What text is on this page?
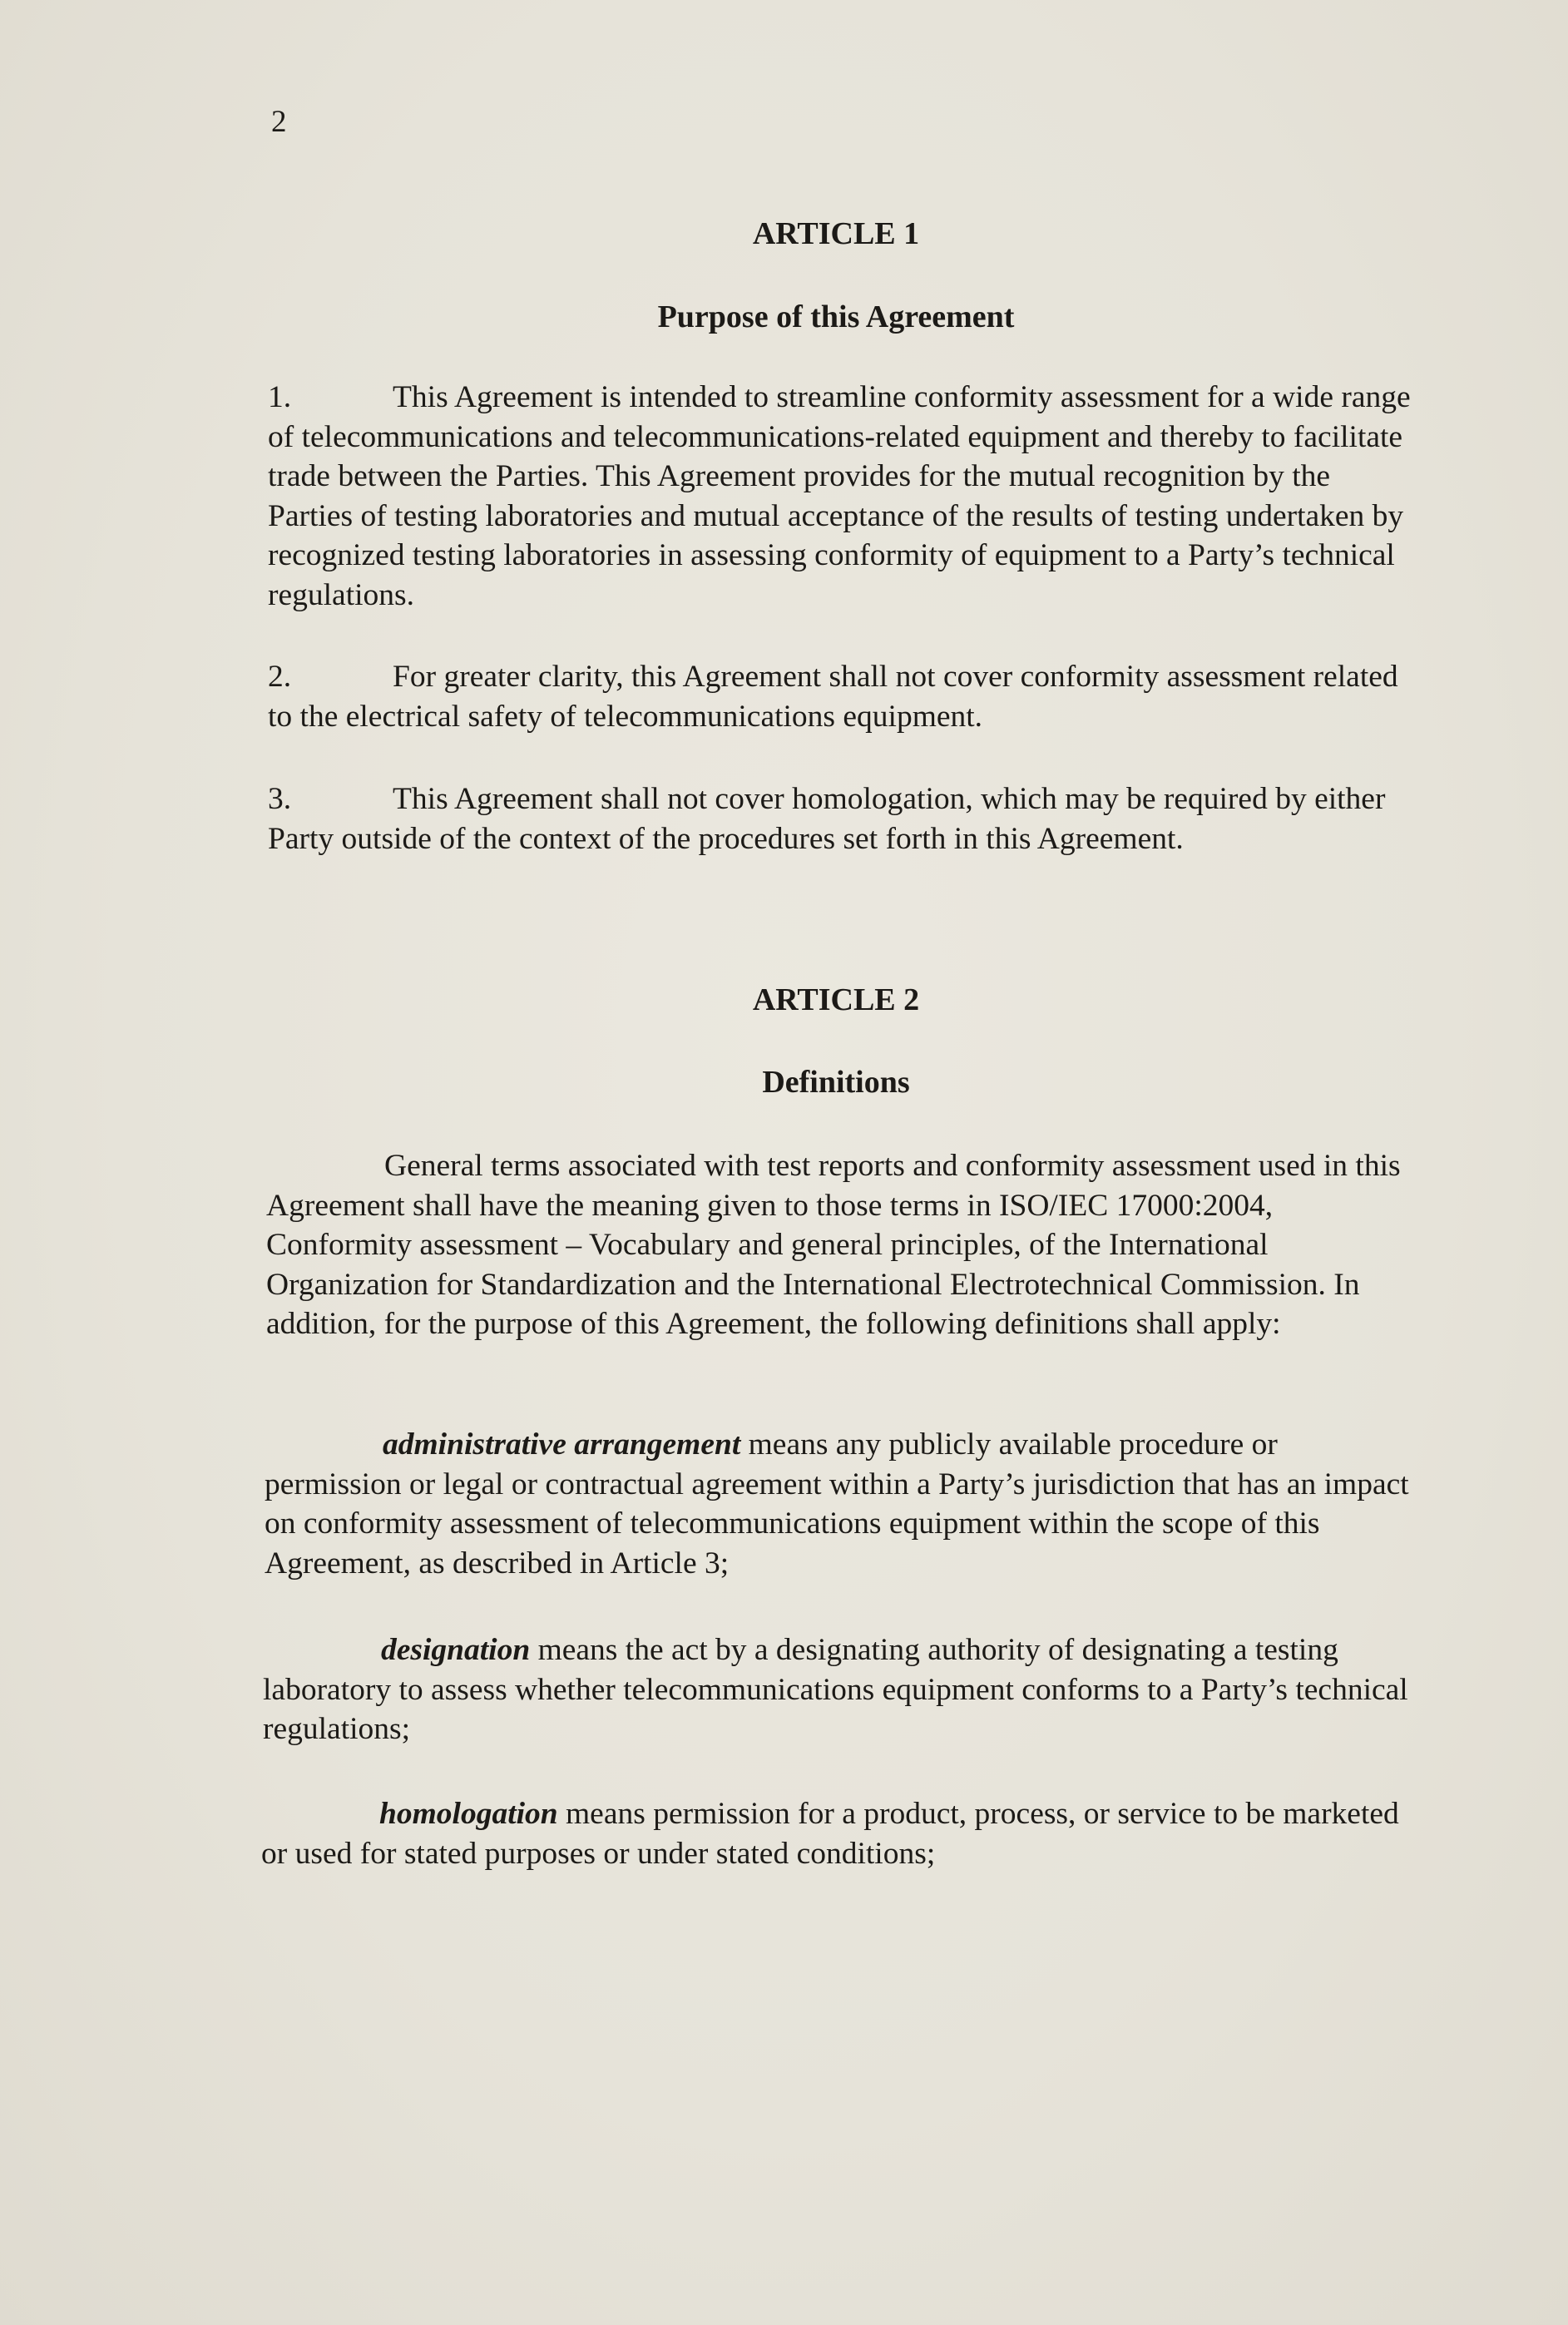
2
ARTICLE 1
Purpose of this Agreement

1.	This Agreement is intended to streamline conformity assessment for a wide range of telecommunications and telecommunications-related equipment and thereby to facilitate trade between the Parties. This Agreement provides for the mutual recognition by the Parties of testing laboratories and mutual acceptance of the results of testing undertaken by recognized testing laboratories in assessing conformity of equipment to a Party’s technical regulations.

2.	For greater clarity, this Agreement shall not cover conformity assessment related to the electrical safety of telecommunications equipment.

3.	This Agreement shall not cover homologation, which may be required by either Party outside of the context of the procedures set forth in this Agreement.

ARTICLE 2
Definitions

General terms associated with test reports and conformity assessment used in this Agreement shall have the meaning given to those terms in ISO/IEC 17000:2004, Conformity assessment – Vocabulary and general principles, of the International Organization for Standardization and the International Electrotechnical Commission. In addition, for the purpose of this Agreement, the following definitions shall apply:

administrative arrangement means any publicly available procedure or permission or legal or contractual agreement within a Party’s jurisdiction that has an impact on conformity assessment of telecommunications equipment within the scope of this Agreement, as described in Article 3;

designation means the act by a designating authority of designating a testing laboratory to assess whether telecommunications equipment conforms to a Party’s technical regulations;

homologation means permission for a product, process, or service to be marketed or used for stated purposes or under stated conditions;
